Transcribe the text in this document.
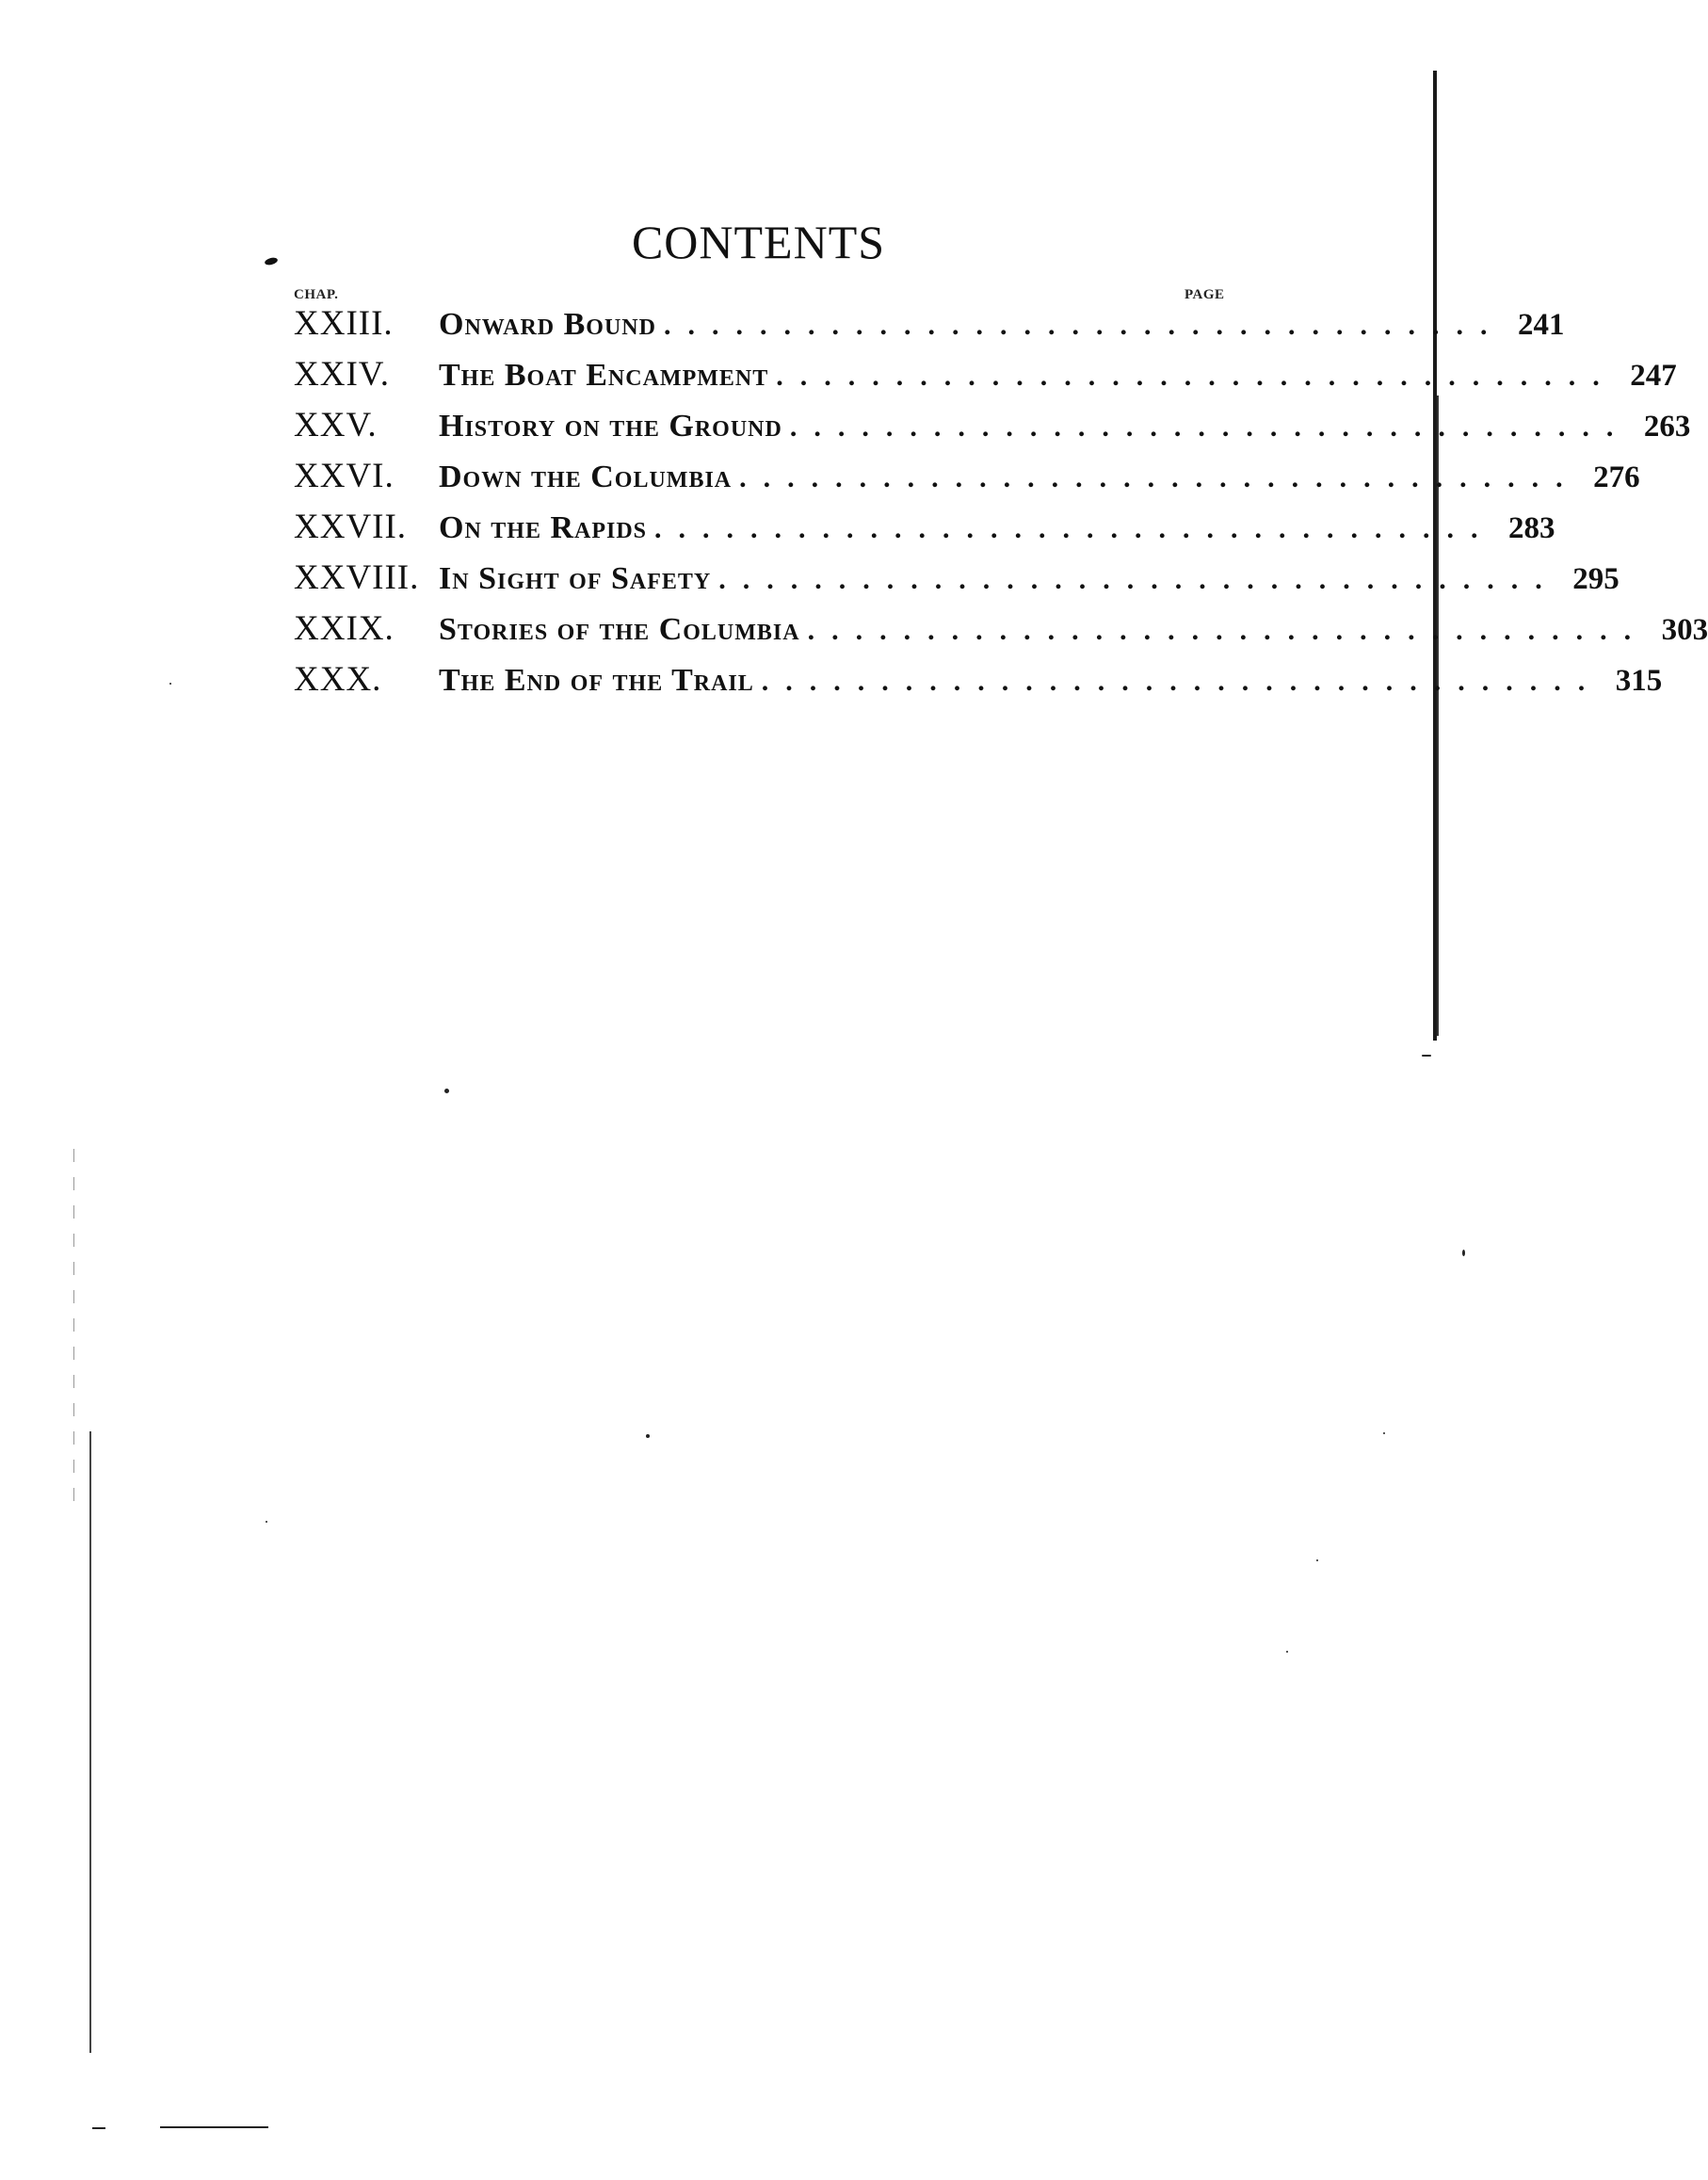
CONTENTS
CHAP.	PAGE
XXIII.	Onward Bound ................................... 241
XXIV.	The Boat Encampment ................................... 247
XXV.	History on the Ground ................................... 263
XXVI.	Down the Columbia ................................... 276
XXVII. On the Rapids ................................... 283
XXVIII. In Sight of Safety ................................... 295
XXIX.	Stories of the Columbia ................................... 303
XXX.	The End of the Trail ................................... 315
